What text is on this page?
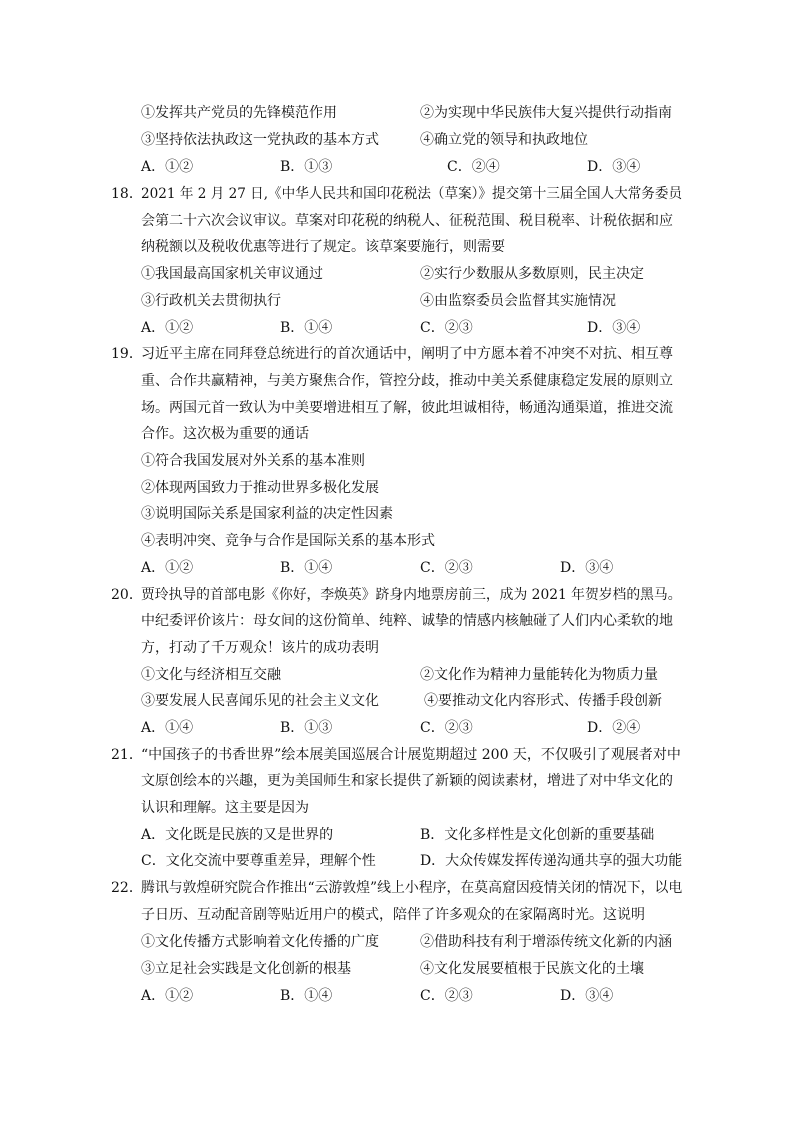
①发挥共产党员的先锋模范作用	②为实现中华民族伟大复兴提供行动指南
③坚持依法执政这一党执政的基本方式	④确立党的领导和执政地位
A．①②	B．①③	C．②④	D．③④
18．
2021 年 2 月 27 日,《中华人民共和国印花税法（草案）》提交第十三届全国人大常务委员
会第二十六次会议审议。草案对印花税的纳税人、征税范围、税目税率、计税依据和应
纳税额以及税收优惠等进行了规定。该草案要施行，则需要
①我国最高国家机关审议通过	②实行少数服从多数原则，民主决定
③行政机关去贯彻执行	④由监察委员会监督其实施情况
A．①②	B．①④	C．②③	D．③④
19．
习近平主席在同拜登总统进行的首次通话中，阐明了中方愿本着不冲突不对抗、相互尊
重、合作共赢精神，与美方聚焦合作，管控分歧，推动中美关系健康稳定发展的原则立
场。两国元首一致认为中美要增进相互了解，彼此坦诚相待，畅通沟通渠道，推进交流
合作。这次极为重要的通话
①符合我国发展对外关系的基本准则
②体现两国致力于推动世界多极化发展
③说明国际关系是国家利益的决定性因素
④表明冲突、竞争与合作是国际关系的基本形式
A．①②	B．①④	C．②③	D．③④
20．
贾玲执导的首部电影《你好，李焕英》跻身内地票房前三，成为 2021 年贺岁档的黑马。
中纪委评价该片：母女间的这份简单、纯粹、诚挚的情感内核触碰了人们内心柔软的地
方，打动了千万观众！该片的成功表明
①文化与经济相互交融	②文化作为精神力量能转化为物质力量
③要发展人民喜闻乐见的社会主义文化	④要推动文化内容形式、传播手段创新
A．①④	B．①③	C．②③	D．②④
21．
“中国孩子的书香世界”绘本展美国巡展合计展览期超过 200 天，不仅吸引了观展者对中
文原创绘本的兴趣，更为美国师生和家长提供了新颖的阅读素材，增进了对中华文化的
认识和理解。这主要是因为
A．文化既是民族的又是世界的	B．文化多样性是文化创新的重要基础
C．文化交流中要尊重差异，理解个性	D．大众传媒发挥传递沟通共享的强大功能
22．
腾讯与敦煌研究院合作推出“云游敦煌”线上小程序，在莫高窟因疫情关闭的情况下，以电
子日历、互动配音剧等贴近用户的模式，陪伴了许多观众的在家隔离时光。这说明
①文化传播方式影响着文化传播的广度	②借助科技有利于增添传统文化新的内涵
③立足社会实践是文化创新的根基	④文化发展要植根于民族文化的土壤
A．①②	B．①④	C．②③	D．③④
